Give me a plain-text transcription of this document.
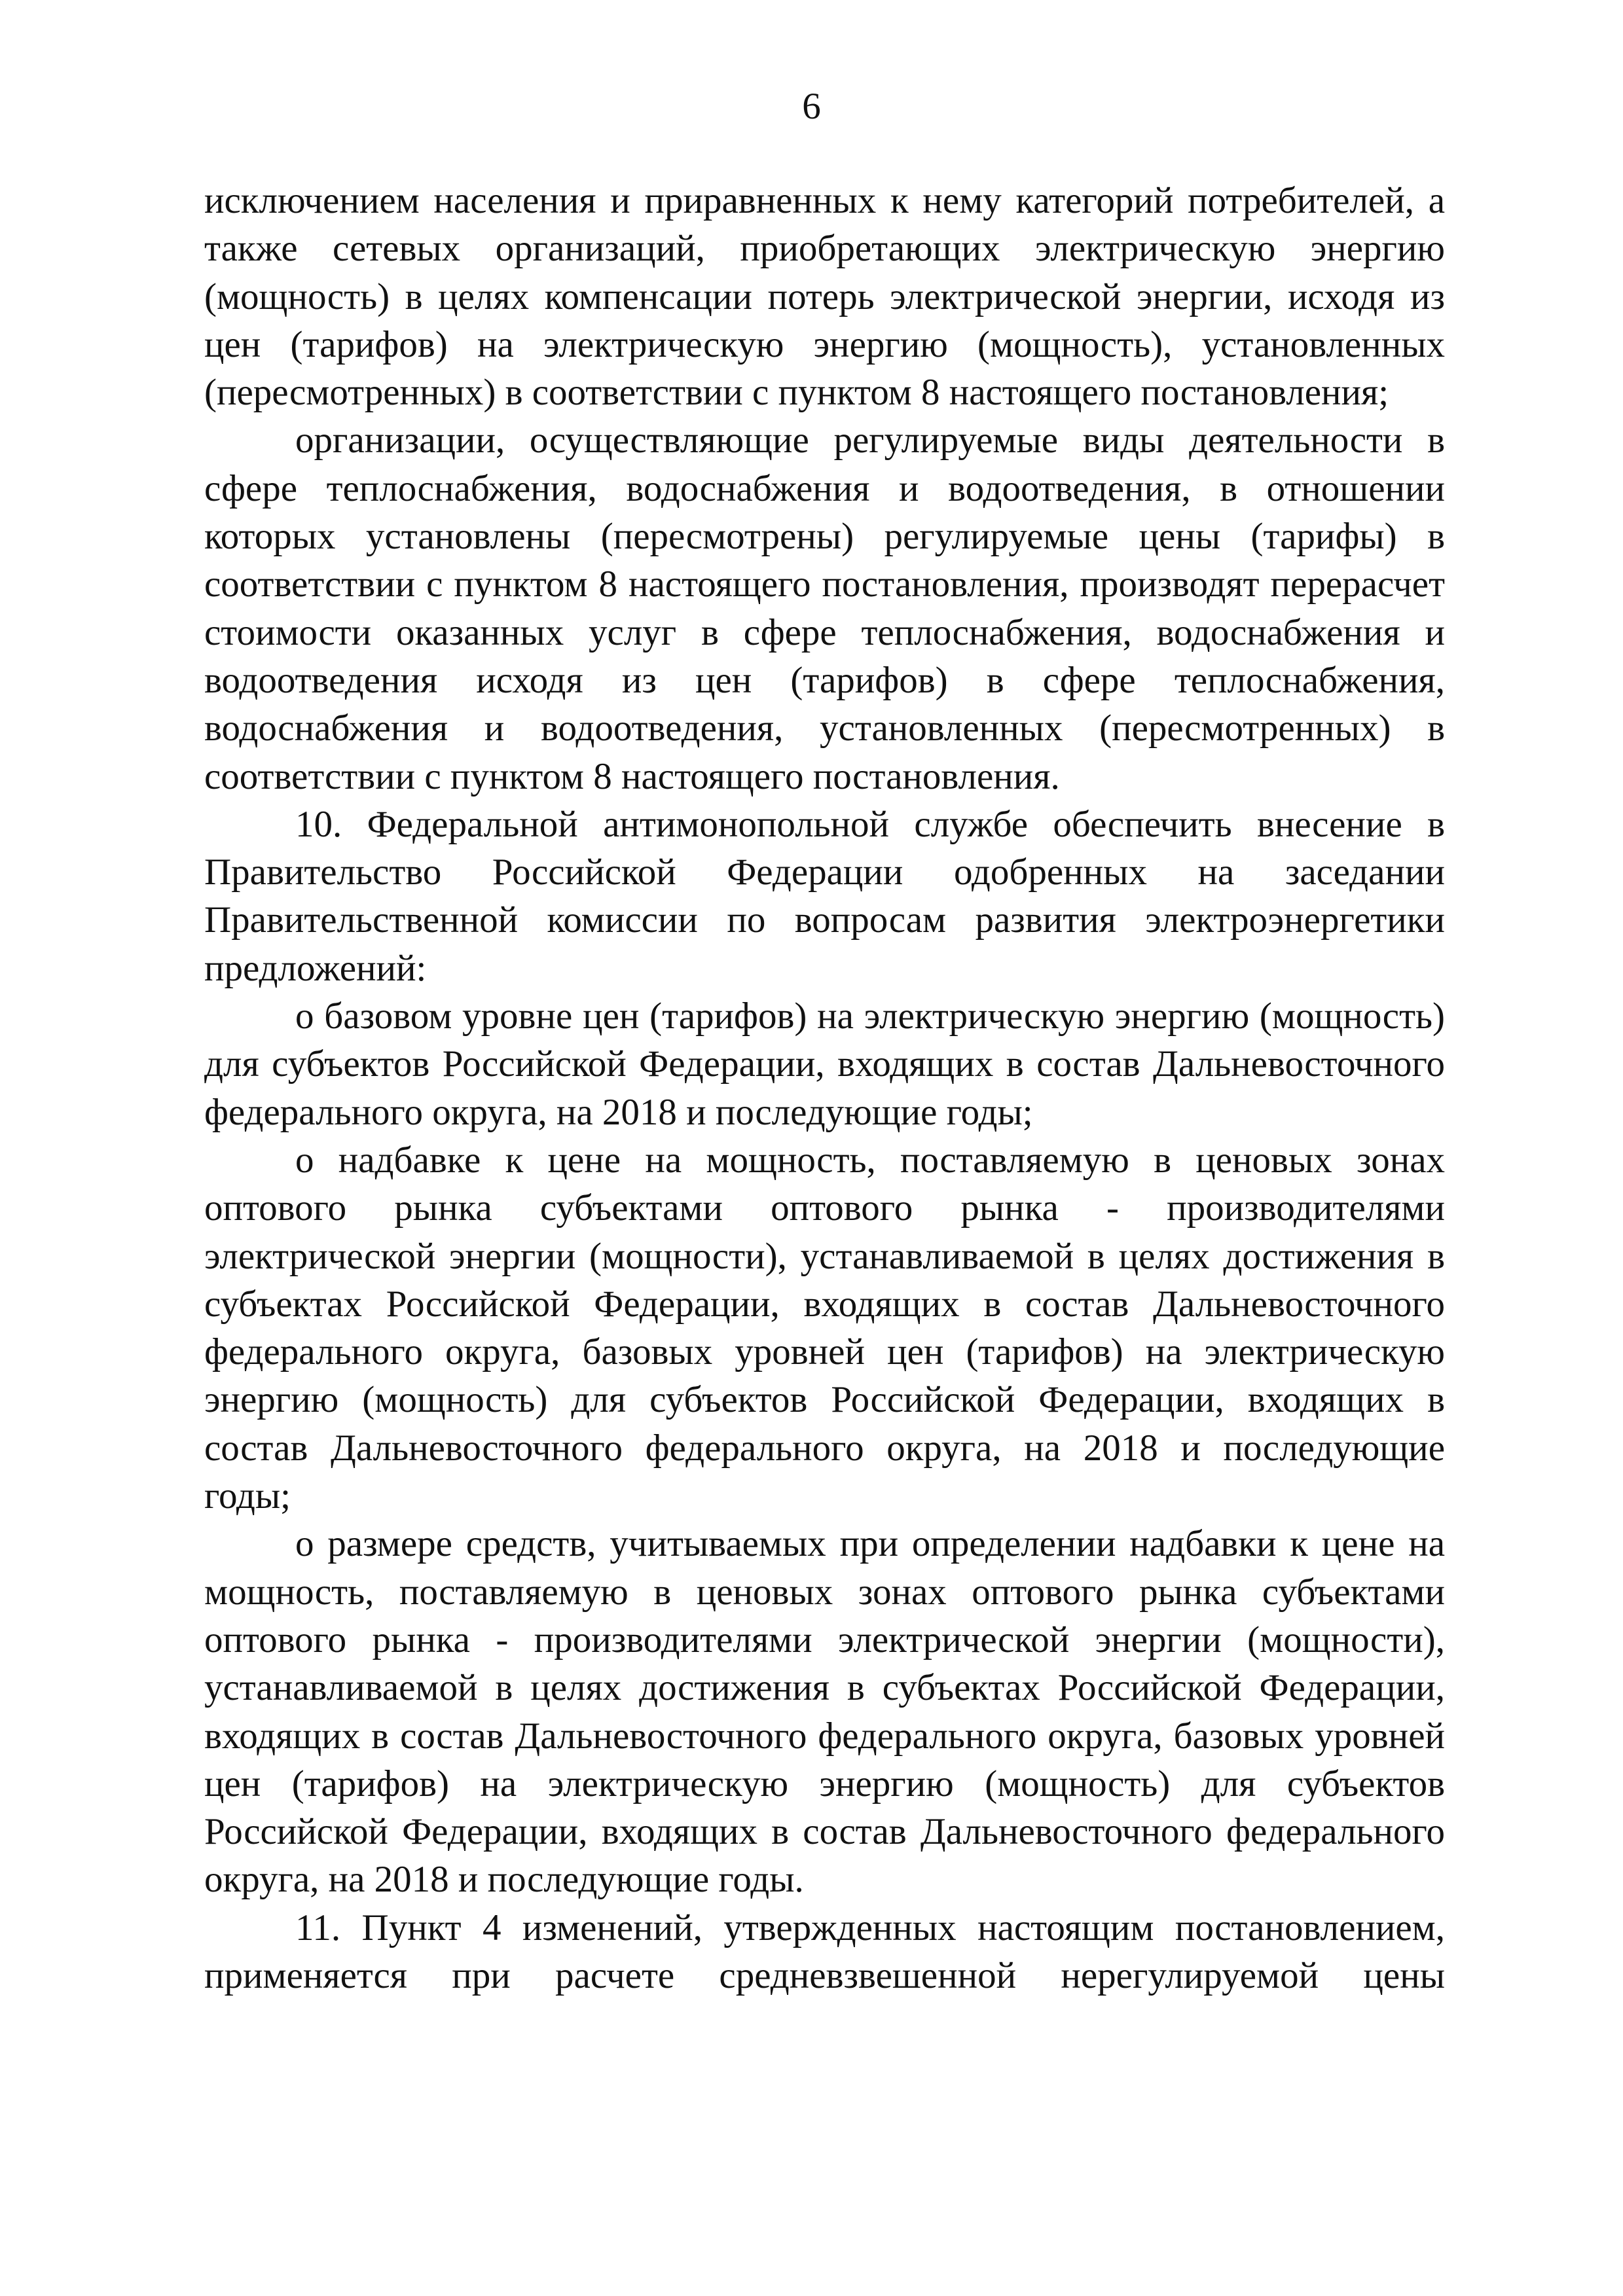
6

исключением населения и приравненных к нему категорий потребителей, а также сетевых организаций, приобретающих электрическую энергию (мощность) в целях компенсации потерь электрической энергии, исходя из цен (тарифов) на электрическую энергию (мощность), установленных (пересмотренных) в соответствии с пунктом 8 настоящего постановления;

организации, осуществляющие регулируемые виды деятельности в сфере теплоснабжения, водоснабжения и водоотведения, в отношении которых установлены (пересмотрены) регулируемые цены (тарифы) в соответствии с пунктом 8 настоящего постановления, производят перерасчет стоимости оказанных услуг в сфере теплоснабжения, водоснабжения и водоотведения исходя из цен (тарифов) в сфере теплоснабжения, водоснабжения и водоотведения, установленных (пересмотренных) в соответствии с пунктом 8 настоящего постановления.

10. Федеральной антимонопольной службе обеспечить внесение в Правительство Российской Федерации одобренных на заседании Правительственной комиссии по вопросам развития электроэнергетики предложений:

о базовом уровне цен (тарифов) на электрическую энергию (мощность) для субъектов Российской Федерации, входящих в состав Дальневосточного федерального округа, на 2018 и последующие годы;

о надбавке к цене на мощность, поставляемую в ценовых зонах оптового рынка субъектами оптового рынка - производителями электрической энергии (мощности), устанавливаемой в целях достижения в субъектах Российской Федерации, входящих в состав Дальневосточного федерального округа, базовых уровней цен (тарифов) на электрическую энергию (мощность) для субъектов Российской Федерации, входящих в состав Дальневосточного федерального округа, на 2018 и последующие годы;

о размере средств, учитываемых при определении надбавки к цене на мощность, поставляемую в ценовых зонах оптового рынка субъектами оптового рынка - производителями электрической энергии (мощности), устанавливаемой в целях достижения в субъектах Российской Федерации, входящих в состав Дальневосточного федерального округа, базовых уровней цен (тарифов) на электрическую энергию (мощность) для субъектов Российской Федерации, входящих в состав Дальневосточного федерального округа, на 2018 и последующие годы.

11. Пункт 4 изменений, утвержденных настоящим постановлением, применяется при расчете средневзвешенной нерегулируемой цены
